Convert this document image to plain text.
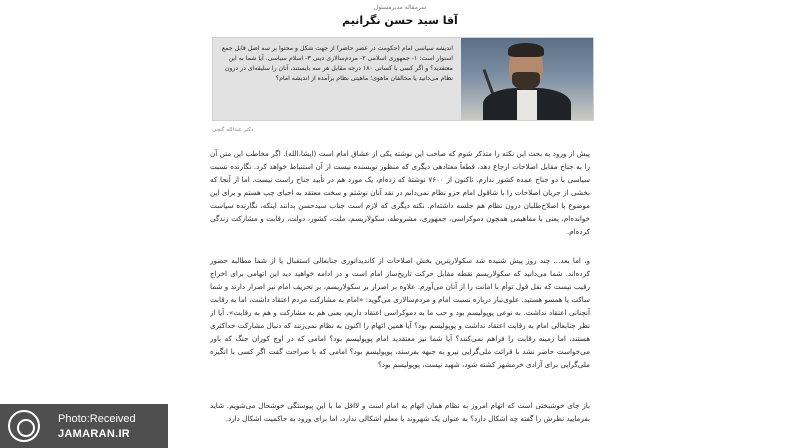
سرمقاله مدیرمسئول
آقا سید حسن نگرانیم
اندیشه سیاسی امام (حکومت در عصر حاضر) از جهت شکل و محتوا بر سه اصل قابل جمع استوار است: ۱- جمهوری اسلامی ۲- مردم‌سالاری دینی ۳- اسلام سیاسی. آیا شما به این معتقدید؟ و اگر کسی با کسانی ۱۸۰ درجه مقابل هر سه بایستند، آنان را سلیقه‌ای در درون نظام می‌دانید یا مخالفان ماهوی؛ ماهیتی نظام برآمده از اندیشه امام؟
دکتر عبدالله گنجی
پیش از ورود به بحث این نکته را متذکر شوم که صاحب این نوشته یکی از عشاق امام است (ایشا،الله). اگر مخاطب این متن آن را به جناح مقابل اصلاحات ارجاع دهد، قطعاً معتادهی دیگری که منظور نویسنده نیست از آن استنباط خواهد کرد. نگارنده نسبت سیاسی با دو جناح عمده کشور ندارم. تاکنون از ۷۶۰۰ نوشتهٔ که زده‌ام، یک مورد هم در تأیید جناح راست نیست. اما از آنجا که بخشی از جریان اصلاحات را با شاقول امام جزو نظام نمی‌دانم در نقد آنان نوشتم و سخت معتقد به احیای چپ هستم و برای این موضوع با اصلاح‌طلبان درون نظام هم جلسه داشته‌ام. نکته دیگری که لازم است جناب سیدحسن بدانند اینکه، نگارنده سیاست خوانده‌ام، یعنی با مفاهیمی همچون دموکراسی، جمهوری، مشروطه، سکولاریسم، ملت، کشور، دولت، رقابت و مشارکت زندگی کرده‌ام.
و، اما بعد... چند روز پیش شنیده شد سکولاریترین بخش اصلاحات از کاندیداتوری جنابعالی استقبال یا از شما مطالبه حضور کرده‌اند. شما می‌دانید که سکولاریسم نقطه مقابل حرکت تاریخ‌ساز امام است و در ادامه خواهید دید این اتهامی برای اخراج رقیب نیست که نقل قول توأم با امانت را از آنان می‌آورم. علاوه بر اصرار بر سکولاریسم، بر تحریف امام نیز اصرار دارند و شما ساکت یا همسو هستید. علوی‌تبار درباره نسبت امام و مردم‌سالاری می‌گوید: «امام به مشارکت مردم اعتقاد داشت، اما به رقابت آنچنانی اعتقاد نداشت. به نوعی پوپولیسم بود و حب ما به دموکراسی اعتقاد داریم، یعنی هم به مشارکت و هم به رقابت». آیا از نظر جنابعالی امام به رقابت اعتقاد نداشت و پوپولیسم بود؟ آیا همین اتهام را اکنون به نظام نمی‌زنند که دنبال مشارکت حداکثری هستند، اما زمینه رقابت را فراهم نمی‌کنند؟ آیا شما نیز معتقدید امام پوپولیسم بود؟ امامی که در اوج کوران جنگ که باور می‌خواست حاضر نشد با قرائت ملی‌گرایی نیرو به جبهه بفرستد، پوپولیسم بود؟ امامی که با صراحت گفت اگر کسی با انگیزه ملی‌گرایی برای آزادی خرمشهر کشته شود، شهید نیست، پوپولیسم بود؟
باز جای خوشبختی است که اتهام امروز به نظام همان اتهام به امام است و لااقل ما با این پیوستگی خوشحال می‌شویم. شاید بفرمایید نظرش را گفته چه اشکال دارد؟ به عنوان یک شهروند یا معلم اشکالی ندارد، اما برای ورود به حاکمیت اشکال دارد.
Photo:Received
JAMARAN.IR
